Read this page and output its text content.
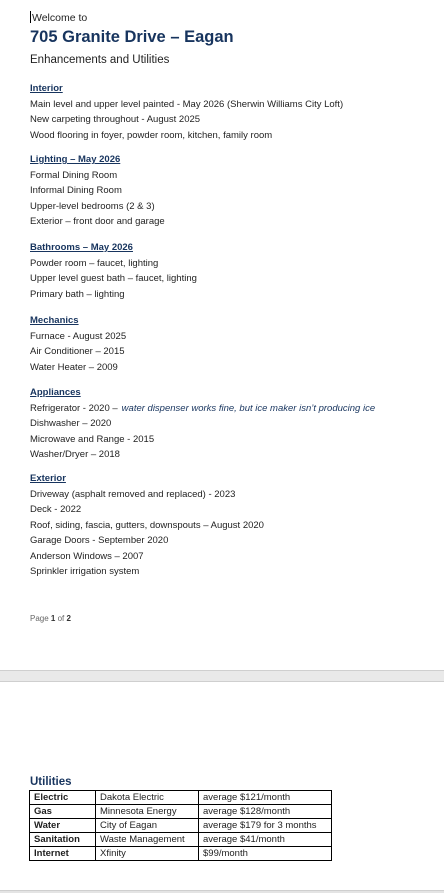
Welcome to
705 Granite Drive – Eagan
Enhancements and Utilities
Interior
Main level and upper level painted - May 2026 (Sherwin Williams City Loft)
New carpeting throughout - August 2025
Wood flooring in foyer, powder room, kitchen, family room
Lighting – May 2026
Formal Dining Room
Informal Dining Room
Upper-level bedrooms (2 & 3)
Exterior – front door and garage
Bathrooms – May 2026
Powder room – faucet, lighting
Upper level guest bath – faucet, lighting
Primary bath – lighting
Mechanics
Furnace - August 2025
Air Conditioner – 2015
Water Heater – 2009
Appliances
Refrigerator - 2020 – water dispenser works fine, but ice maker isn’t producing ice
Dishwasher – 2020
Microwave and Range - 2015
Washer/Dryer – 2018
Exterior
Driveway (asphalt removed and replaced) - 2023
Deck - 2022
Roof, siding, fascia, gutters, downspouts – August 2020
Garage Doors - September 2020
Anderson Windows – 2007
Sprinkler irrigation system
Page 1 of 2
Utilities
Electric	Dakota Electric	average $121/month
Gas	Minnesota Energy	average $128/month
Water	City of Eagan	average $179 for 3 months
Sanitation	Waste Management	average $41/month
Internet	Xfinity	$99/month
